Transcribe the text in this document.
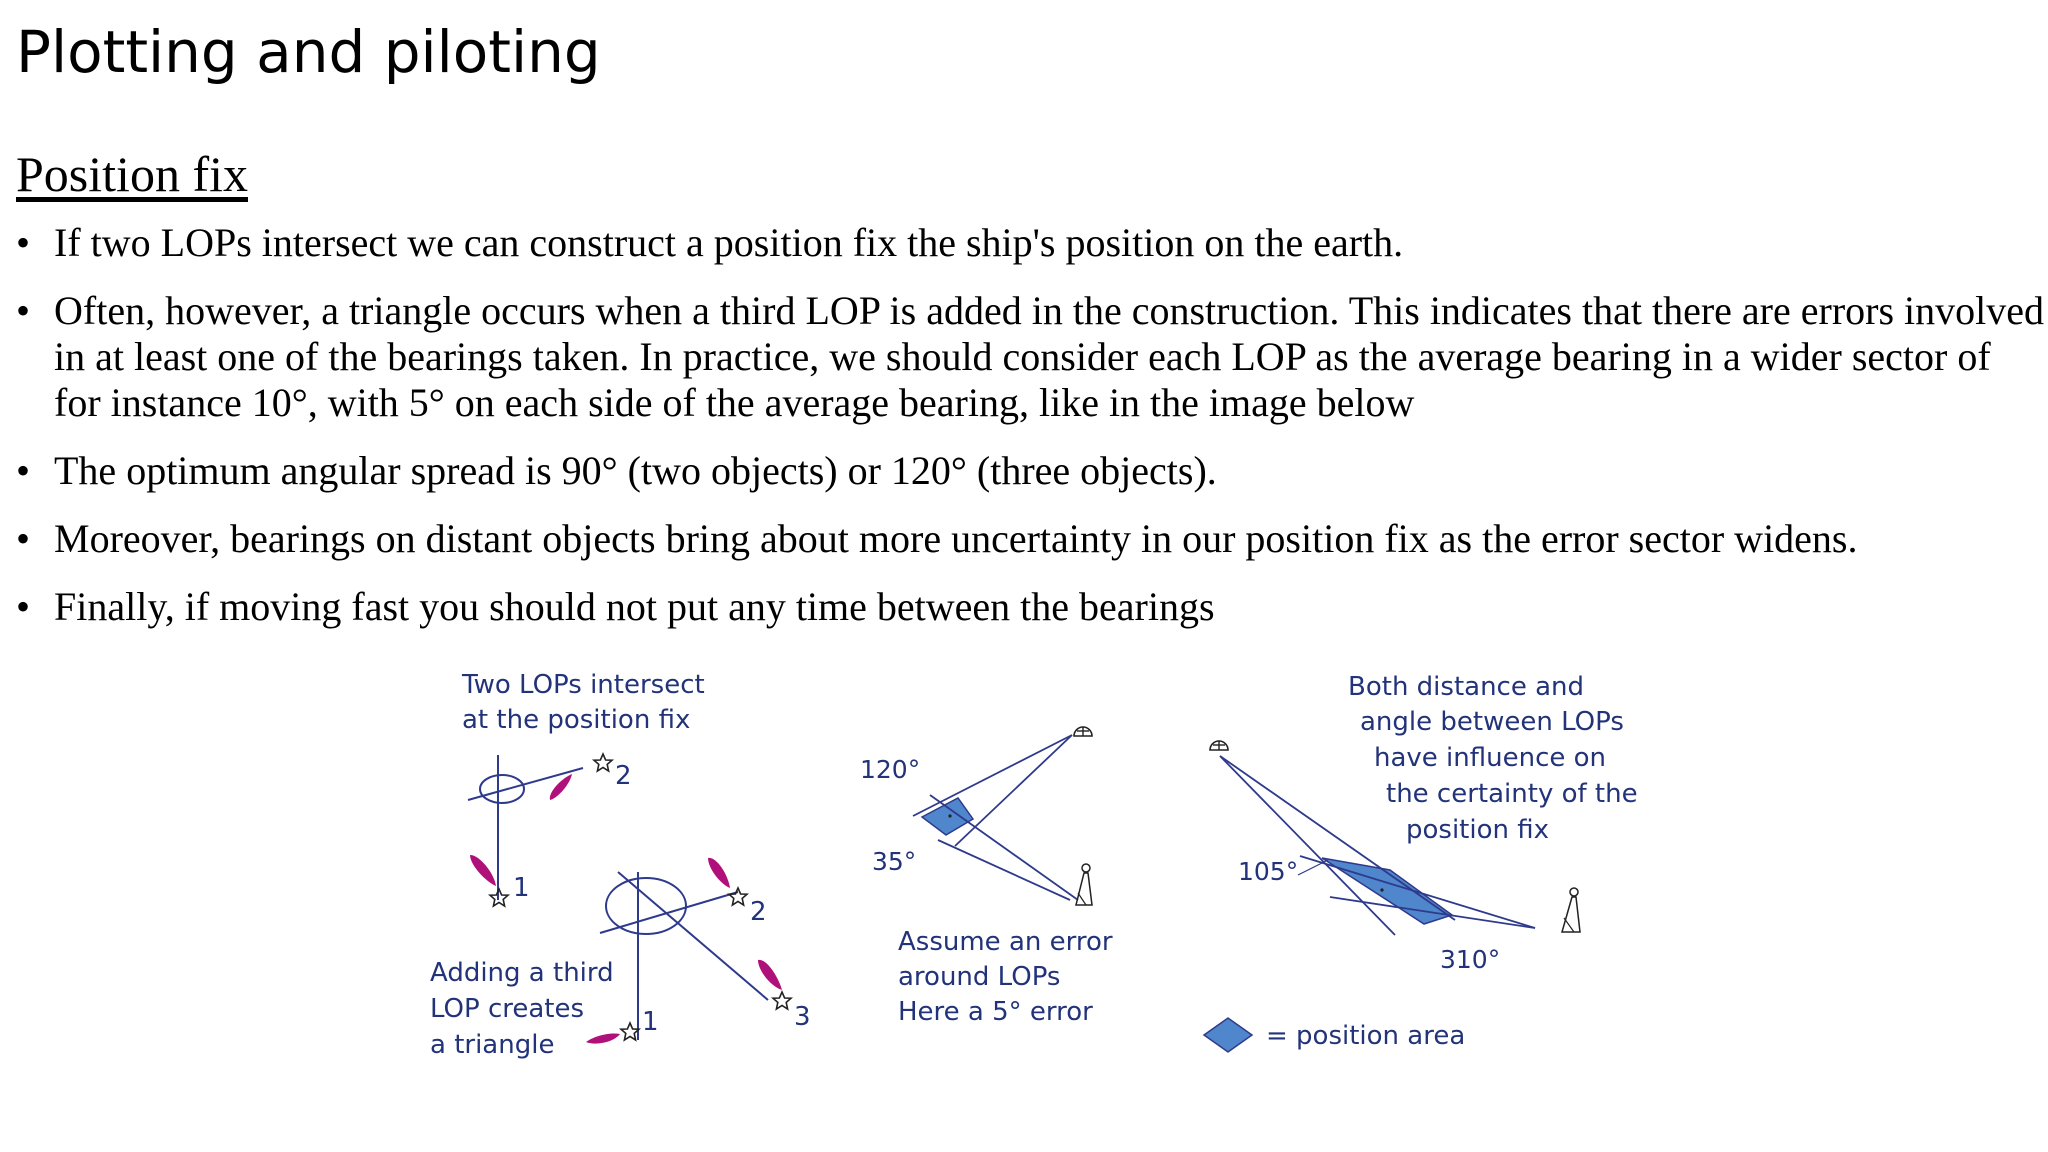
Plotting and piloting
Position fix
• If two LOPs intersect we can construct a position fix the ship's position on the earth.
• Often, however, a triangle occurs when a third LOP is added in the construction. This indicates that there are errors involved in at least one of the bearings taken. In practice, we should consider each LOP as the average bearing in a wider sector of for instance 10°, with 5° on each side of the average bearing, like in the image below
• The optimum angular spread is 90° (two objects) or 120° (three objects).
• Moreover, bearings on distant objects bring about more uncertainty in our position fix as the error sector widens.
• Finally, if moving fast you should not put any time between the bearings
Two LOPs intersect
at the position fix
2
1
2
3
1
Adding a third
LOP creates
a triangle
120°
35°
Assume an error
around LOPs
Here a 5° error
Both distance and
angle between LOPs
have influence on
the certainty of the
position fix
105°
310°
= position area
